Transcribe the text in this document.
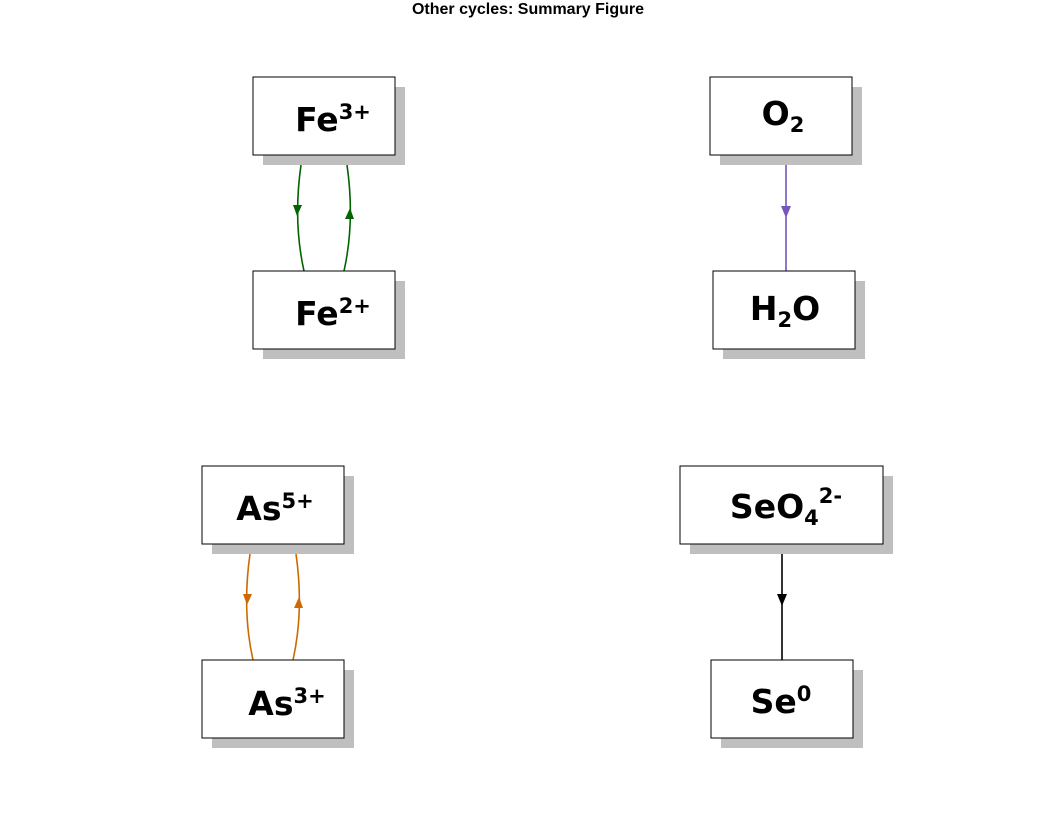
Other cycles: Summary Figure
$Fe^{3+}$
$Fe^{2+}$
$O_2$
$H_2O$
$As^{5+}$
$As^{3+}$
SeO$_4^{2-}$
Se$^0$
